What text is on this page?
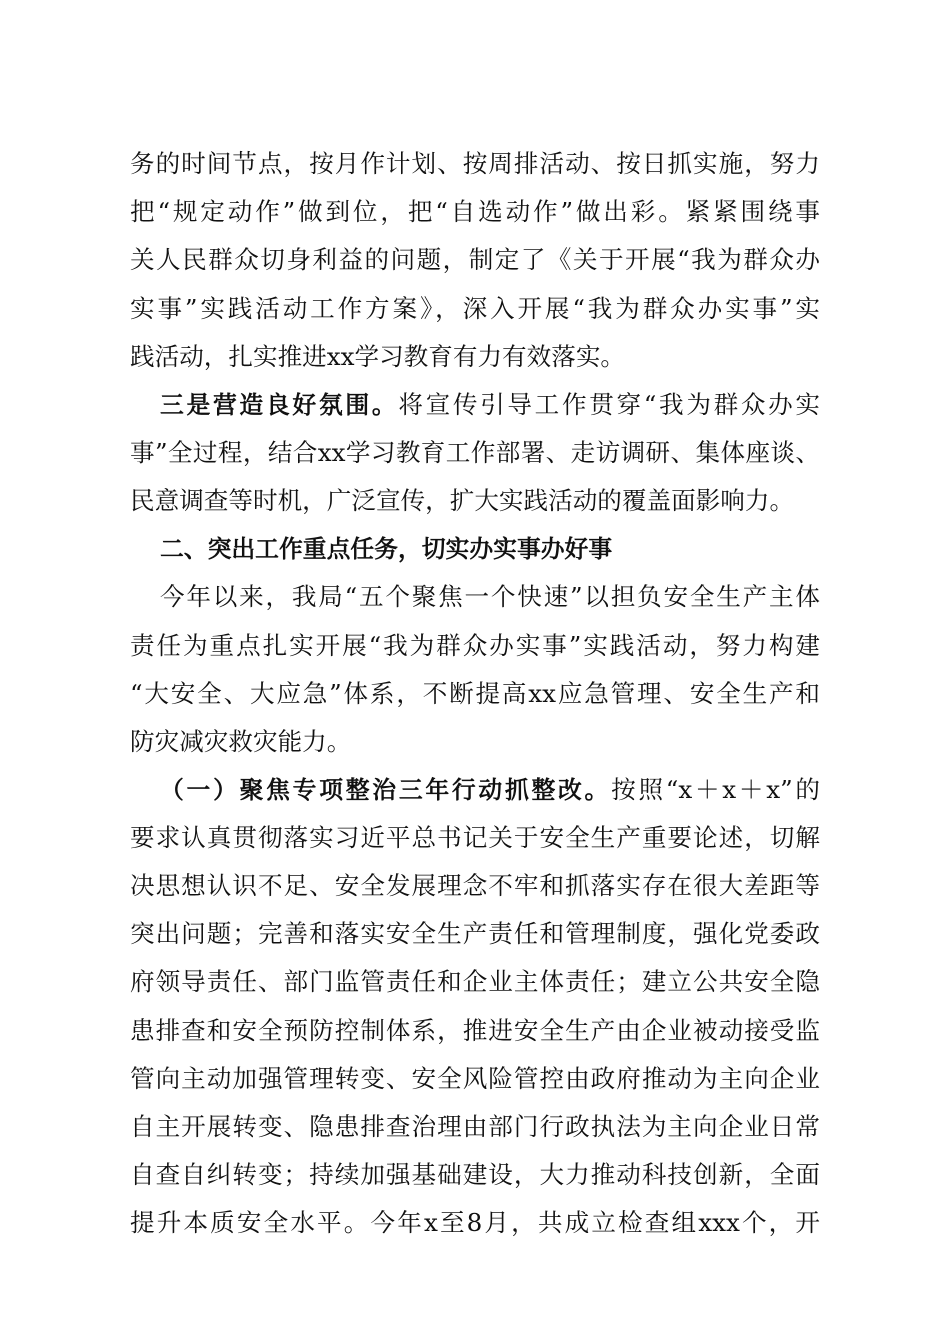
务的时间节点，按月作计划、按周排活动、按日抓实施，努力
把“规定动作”做到位，把“自选动作”做出彩。紧紧围绕事
关人民群众切身利益的问题，制定了《关于开展“我为群众办
实事”实践活动工作方案》，深入开展“我为群众办实事”实
践活动，扎实推进xx学习教育有力有效落实。
三是营造良好氛围。将宣传引导工作贯穿“我为群众办实
事”全过程，结合xx学习教育工作部署、走访调研、集体座谈、
民意调查等时机，广泛宣传，扩大实践活动的覆盖面影响力。
二、突出工作重点任务，切实办实事办好事
今年以来，我局“五个聚焦一个快速”以担负安全生产主体
责任为重点扎实开展“我为群众办实事”实践活动，努力构建
“大安全、大应急”体系，不断提高xx应急管理、安全生产和
防灾减灾救灾能力。
（一）聚焦专项整治三年行动抓整改。按照“x＋x＋x”的
要求认真贯彻落实习近平总书记关于安全生产重要论述，切解
决思想认识不足、安全发展理念不牢和抓落实存在很大差距等
突出问题；完善和落实安全生产责任和管理制度，强化党委政
府领导责任、部门监管责任和企业主体责任；建立公共安全隐
患排查和安全预防控制体系，推进安全生产由企业被动接受监
管向主动加强管理转变、安全风险管控由政府推动为主向企业
自主开展转变、隐患排查治理由部门行政执法为主向企业日常
自查自纠转变；持续加强基础建设，大力推动科技创新，全面
提升本质安全水平。今年x至8月，共成立检查组xxx个，开
